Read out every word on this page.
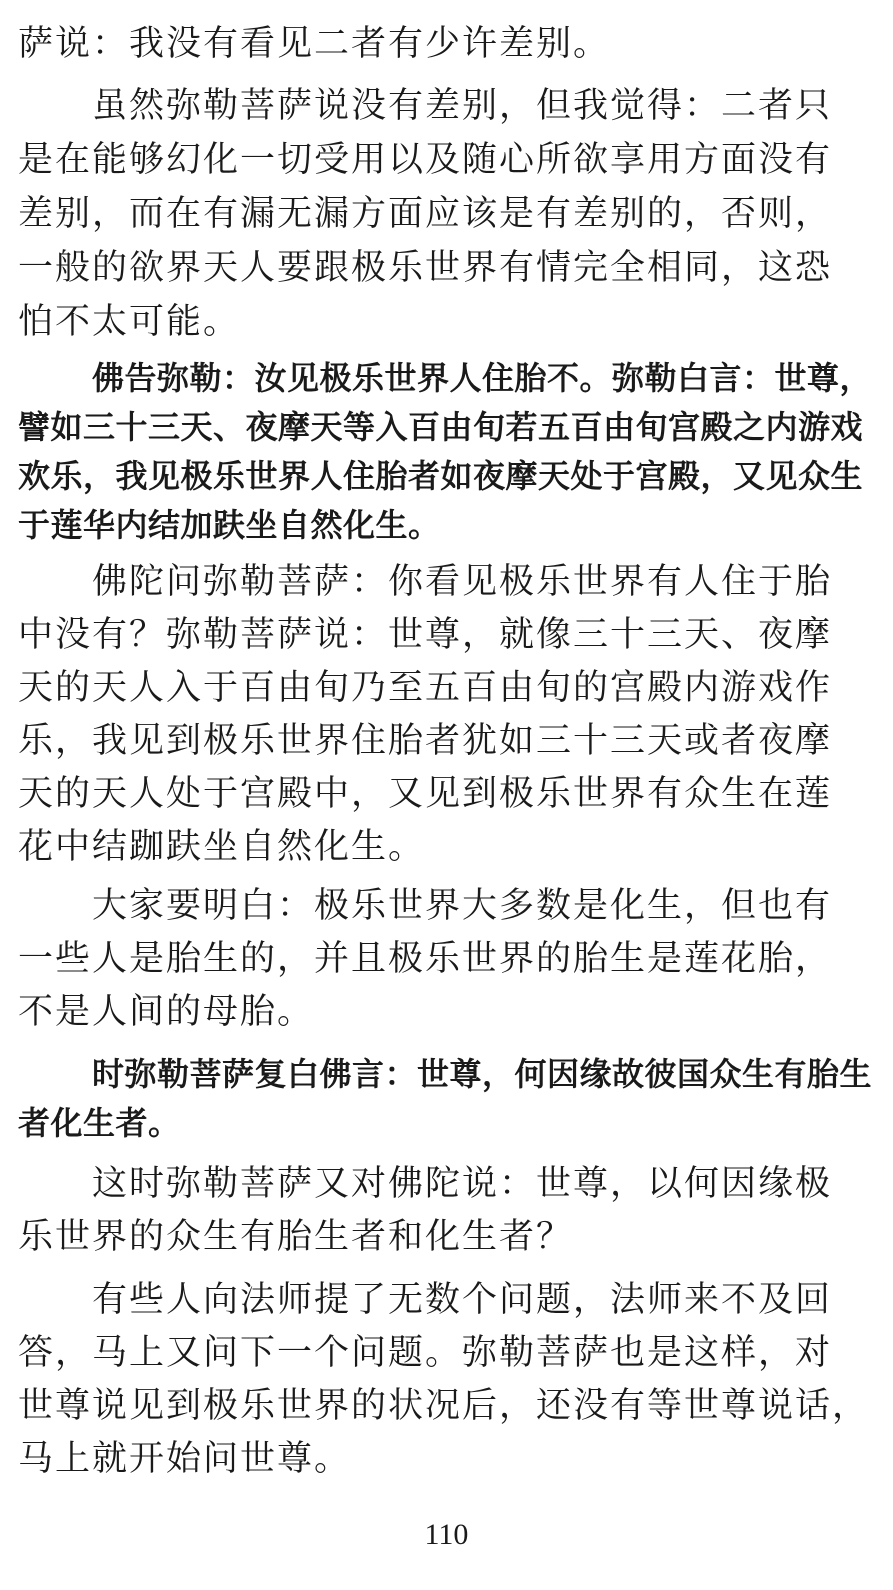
萨说：我没有看见二者有少许差别。
虽然弥勒菩萨说没有差别，但我觉得：二者只
是在能够幻化一切受用以及随心所欲享用方面没有
差别，而在有漏无漏方面应该是有差别的，否则，
一般的欲界天人要跟极乐世界有情完全相同，这恐
怕不太可能。
佛告弥勒：汝见极乐世界人住胎不。弥勒白言：世尊，
譬如三十三天、夜摩天等入百由旬若五百由旬宫殿之内游戏
欢乐，我见极乐世界人住胎者如夜摩天处于宫殿，又见众生
于莲华内结加趺坐自然化生。
佛陀问弥勒菩萨：你看见极乐世界有人住于胎
中没有？弥勒菩萨说：世尊，就像三十三天、夜摩
天的天人入于百由旬乃至五百由旬的宫殿内游戏作
乐，我见到极乐世界住胎者犹如三十三天或者夜摩
天的天人处于宫殿中，又见到极乐世界有众生在莲
花中结跏趺坐自然化生。
大家要明白：极乐世界大多数是化生，但也有
一些人是胎生的，并且极乐世界的胎生是莲花胎，
不是人间的母胎。
时弥勒菩萨复白佛言：世尊，何因缘故彼国众生有胎生
者化生者。
这时弥勒菩萨又对佛陀说：世尊，以何因缘极
乐世界的众生有胎生者和化生者？
有些人向法师提了无数个问题，法师来不及回
答，马上又问下一个问题。弥勒菩萨也是这样，对
世尊说见到极乐世界的状况后，还没有等世尊说话，
马上就开始问世尊。
110
